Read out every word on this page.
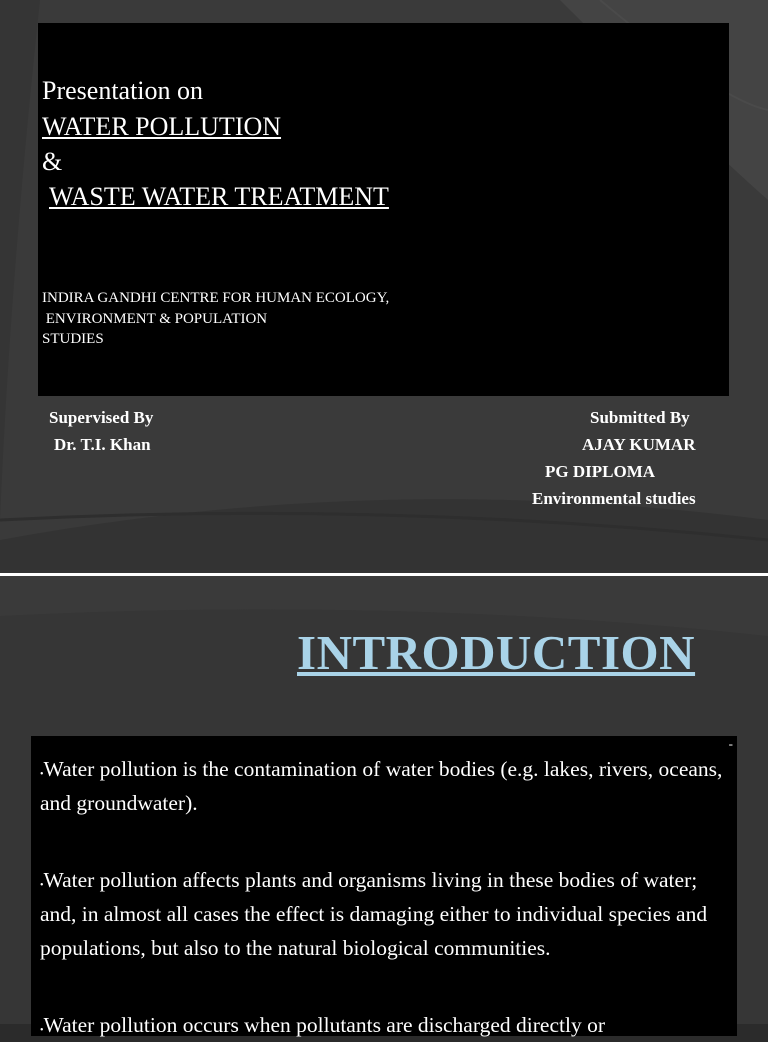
Presentation on
WATER POLLUTION
&
WASTE WATER TREATMENT
INDIRA GANDHI CENTRE FOR HUMAN ECOLOGY,
ENVIRONMENT & POPULATION
STUDIES
Supervised By
Dr. T.I. Khan
Submitted By
AJAY KUMAR
PG DIPLOMA
Environmental studies
INTRODUCTION
-
•Water pollution is the contamination of water bodies (e.g. lakes, rivers, oceans, and groundwater).
•Water pollution affects plants and organisms living in these bodies of water; and, in almost all cases the effect is damaging either to individual species and populations, but also to the natural biological communities.
•Water pollution occurs when pollutants are discharged directly or
